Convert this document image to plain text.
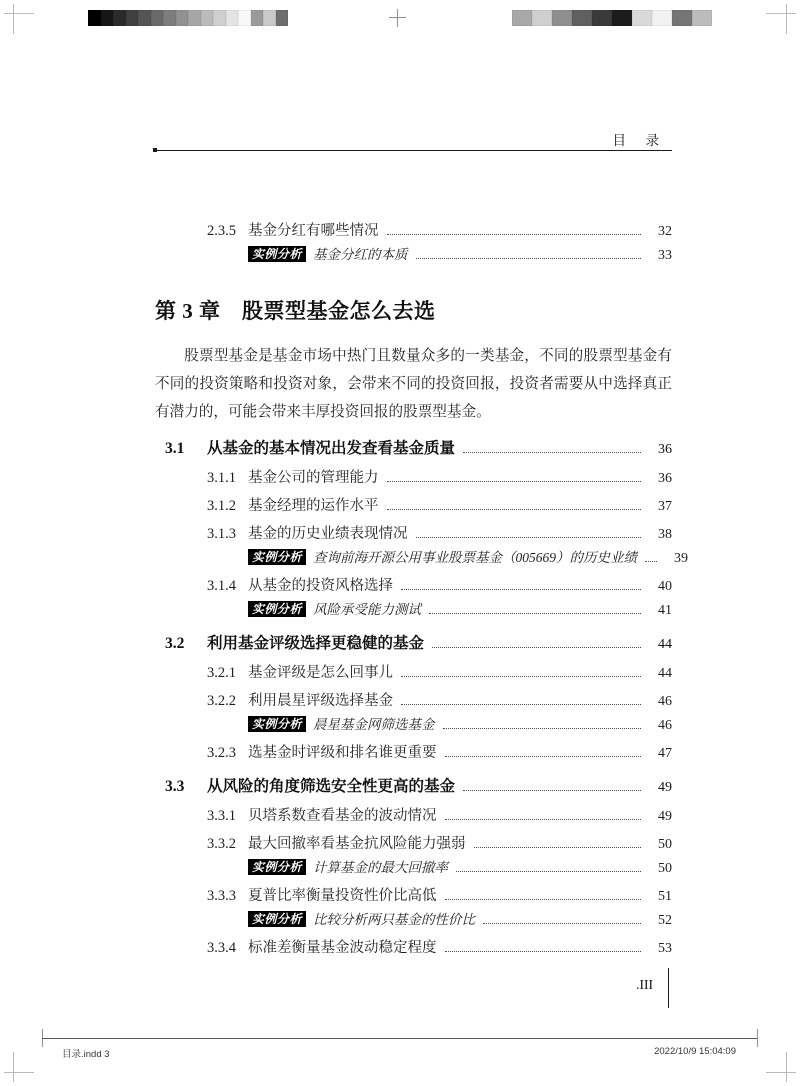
目　录
2.3.5 基金分红有哪些情况	32
实例分析 基金分红的本质	33
第 3 章　股票型基金怎么去选

股票型基金是基金市场中热门且数量众多的一类基金，不同的股票型基金有不同的投资策略和投资对象，会带来不同的投资回报，投资者需要从中选择真正有潜力的，可能会带来丰厚投资回报的股票型基金。

3.1	从基金的基本情况出发查看基金质量	36
3.1.1 基金公司的管理能力	36
3.1.2 基金经理的运作水平	37
3.1.3 基金的历史业绩表现情况	38
实例分析 查询前海开源公用事业股票基金（005669）的历史业绩	39
3.1.4 从基金的投资风格选择	40
实例分析 风险承受能力测试	41
3.2	利用基金评级选择更稳健的基金	44
3.2.1 基金评级是怎么回事儿	44
3.2.2 利用晨星评级选择基金	46
实例分析 晨星基金网筛选基金	46
3.2.3 选基金时评级和排名谁更重要	47
3.3	从风险的角度筛选安全性更高的基金	49
3.3.1 贝塔系数查看基金的波动情况	49
3.3.2 最大回撤率看基金抗风险能力强弱	50
实例分析 计算基金的最大回撤率	50
3.3.3 夏普比率衡量投资性价比高低	51
实例分析 比较分析两只基金的性价比	52
3.3.4 标准差衡量基金波动稳定程度	53
.III
目录.indd 3	2022/10/9 15:04:09
